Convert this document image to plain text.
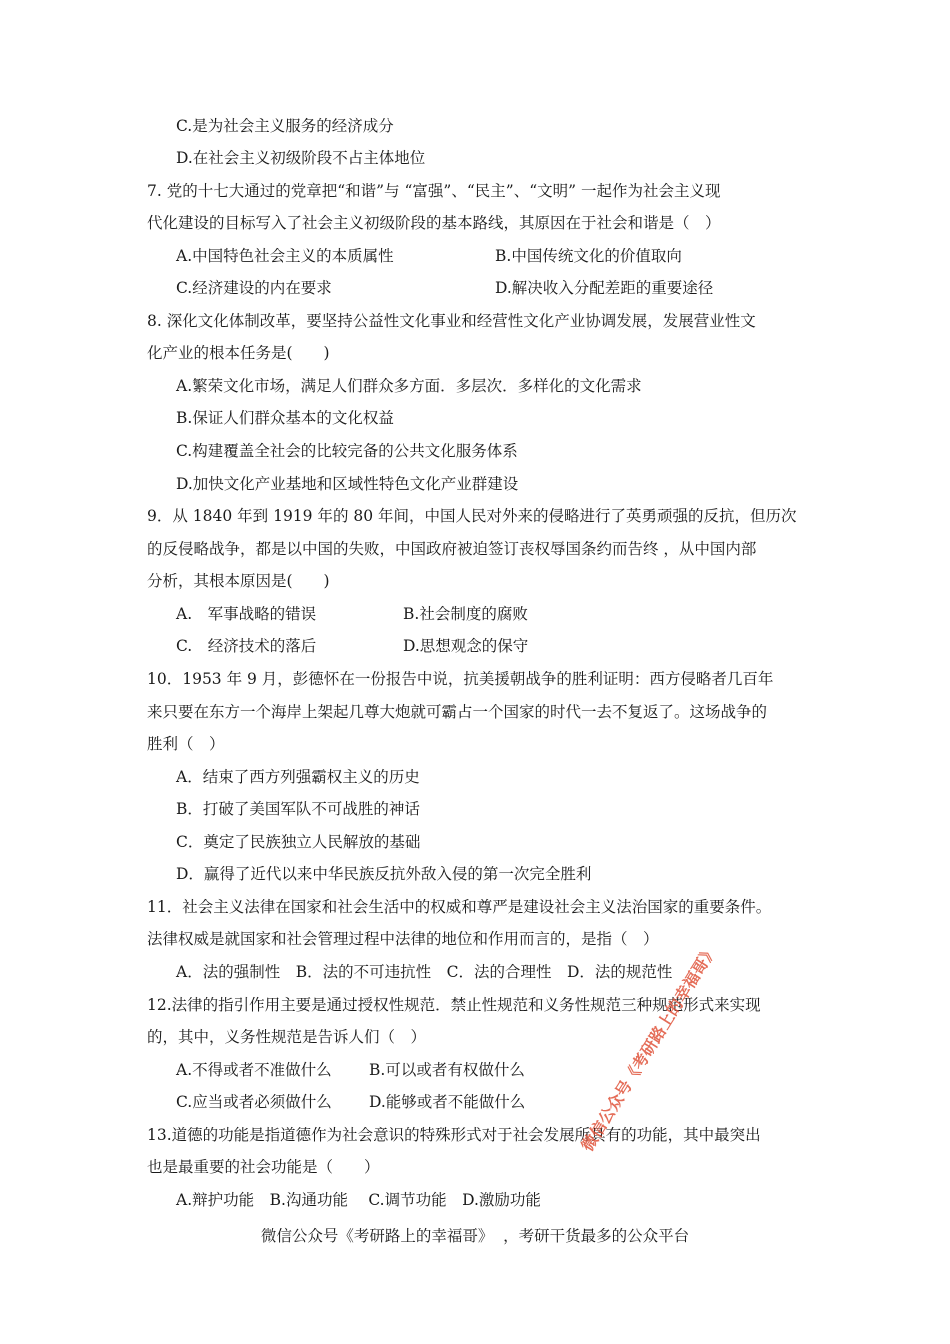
C.是为社会主义服务的经济成分
D.在社会主义初级阶段不占主体地位
7. 党的十七大通过的党章把“和谐”与 “富强”、“民主”、“文明” 一起作为社会主义现
代化建设的目标写入了社会主义初级阶段的基本路线，其原因在于社会和谐是（　）
A.中国特色社会主义的本质属性	B.中国传统文化的价值取向
C.经济建设的内在要求	D.解决收入分配差距的重要途径
8. 深化文化体制改革，要坚持公益性文化事业和经营性文化产业协调发展，发展营业性文
化产业的根本任务是(　　)
A.繁荣文化市场，满足人们群众多方面．多层次．多样化的文化需求
B.保证人们群众基本的文化权益
C.构建覆盖全社会的比较完备的公共文化服务体系
D.加快文化产业基地和区域性特色文化产业群建设
9．从 1840 年到 1919 年的 80 年间，中国人民对外来的侵略进行了英勇顽强的反抗，但历次
的反侵略战争，都是以中国的失败，中国政府被迫签订丧权辱国条约而告终 ，从中国内部
分析，其根本原因是(　　)
A.　军事战略的错误	B.社会制度的腐败
C.　经济技术的落后	D.思想观念的保守
10．1953 年 9 月，彭德怀在一份报告中说，抗美援朝战争的胜利证明：西方侵略者几百年
来只要在东方一个海岸上架起几尊大炮就可霸占一个国家的时代一去不复返了。这场战争的
胜利（　）
A．结束了西方列强霸权主义的历史
B．打破了美国军队不可战胜的神话
C．奠定了民族独立人民解放的基础
D．赢得了近代以来中华民族反抗外敌入侵的第一次完全胜利
11．社会主义法律在国家和社会生活中的权威和尊严是建设社会主义法治国家的重要条件。
法律权威是就国家和社会管理过程中法律的地位和作用而言的，是指（　）
A．法的强制性　B．法的不可违抗性　C．法的合理性　D．法的规范性
12.法律的指引作用主要是通过授权性规范．禁止性规范和义务性规范三种规范形式来实现
的，其中，义务性规范是告诉人们（　）
A.不得或者不准做什么 B.可以或者有权做什么
C.应当或者必须做什么 D.能够或者不能做什么
13.道德的功能是指道德作为社会意识的特殊形式对于社会发展所具有的功能，其中最突出
也是最重要的社会功能是（　　）
A.辩护功能　B.沟通功能　 C.调节功能　D.激励功能
微信公众号《考研路上的幸福哥》  ，考研干货最多的公众平台
微信公众号《考研路上的幸福哥》
